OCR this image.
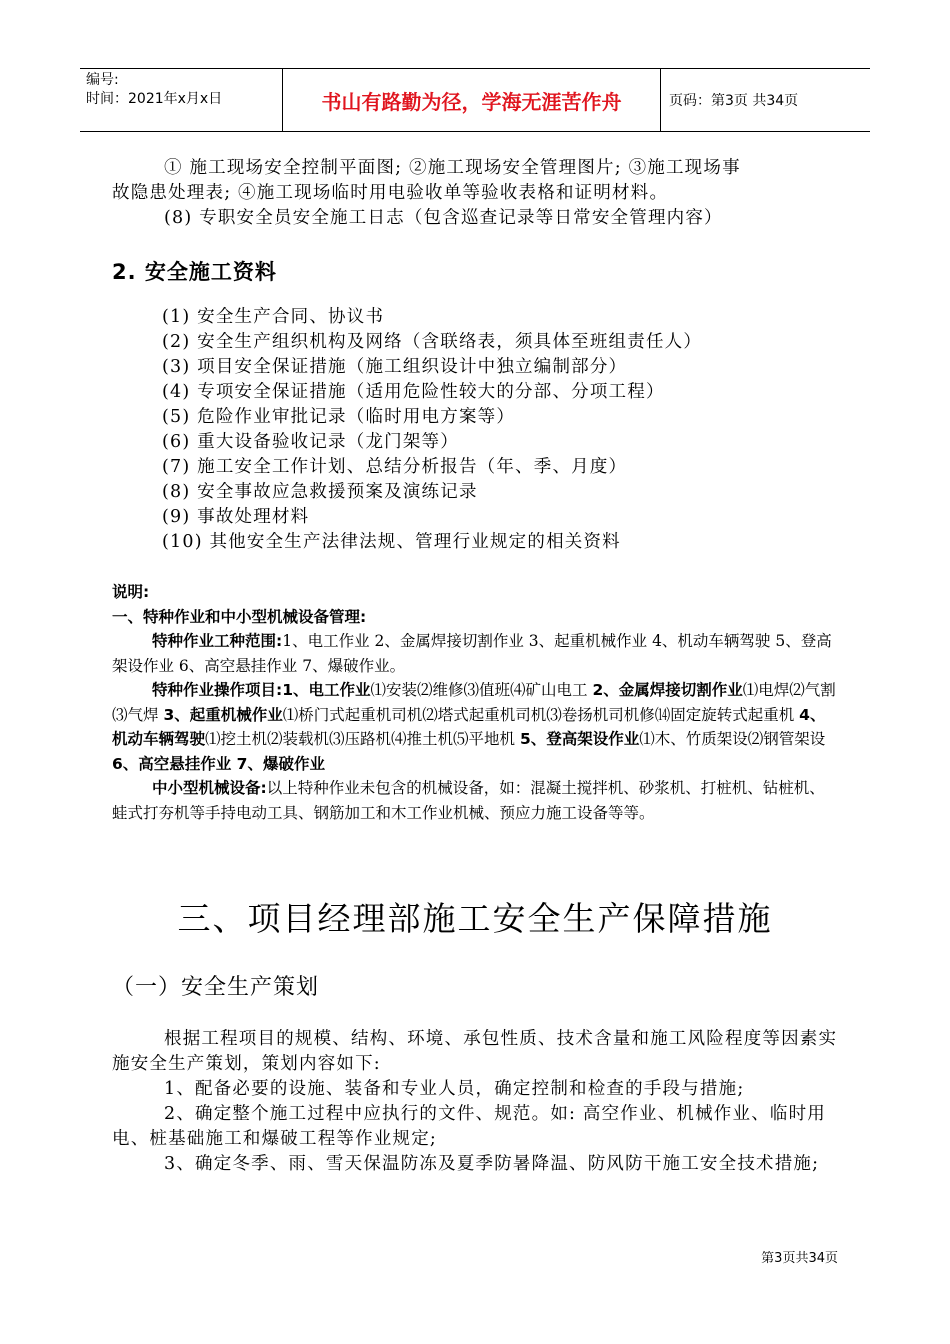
编号:
时间：2021年x月x日	书山有路勤为径，学海无涯苦作舟	页码：第3页 共34页

① 施工现场安全控制平面图; ②施工现场安全管理图片; ③施工现场事

故隐患处理表; ④施工现场临时用电验收单等验收表格和证明材料。

(8) 专职安全员安全施工日志（包含巡查记录等日常安全管理内容）

2. 安全施工资料

(1) 安全生产合同、协议书

(2) 安全生产组织机构及网络（含联络表，须具体至班组责任人）

(3) 项目安全保证措施（施工组织设计中独立编制部分）

(4) 专项安全保证措施（适用危险性较大的分部、分项工程）

(5) 危险作业审批记录（临时用电方案等）

(6) 重大设备验收记录（龙门架等）

(7) 施工安全工作计划、总结分析报告（年、季、月度）

(8) 安全事故应急救援预案及演练记录

(9) 事故处理材料

(10) 其他安全生产法律法规、管理行业规定的相关资料

说明:

一、特种作业和中小型机械设备管理:

特种作业工种范围:1、电工作业 2、金属焊接切割作业 3、起重机械作业 4、机动车辆驾驶 5、登高架设作业 6、高空悬挂作业 7、爆破作业。

特种作业操作项目:1、电工作业⑴安装⑵维修⑶值班⑷矿山电工 2、金属焊接切割作业⑴电焊⑵气割⑶气焊 3、起重机械作业⑴桥门式起重机司机⑵塔式起重机司机⑶卷扬机司机修⒁固定旋转式起重机 4、机动车辆驾驶⑴挖土机⑵装载机⑶压路机⑷推土机⑸平地机 5、登高架设作业⑴木、竹质架设⑵钢管架设6、高空悬挂作业 7、爆破作业

中小型机械设备:以上特种作业未包含的机械设备，如：混凝土搅拌机、砂浆机、打桩机、钻桩机、蛙式打夯机等手持电动工具、钢筋加工和木工作业机械、预应力施工设备等等。

三、项目经理部施工安全生产保障措施
（一）安全生产策划

根据工程项目的规模、结构、环境、承包性质、技术含量和施工风险程度等因素实施安全生产策划，策划内容如下:

1、配备必要的设施、装备和专业人员，确定控制和检查的手段与措施;

2、确定整个施工过程中应执行的文件、规范。如: 高空作业、机械作业、临时用电、桩基础施工和爆破工程等作业规定;

3、确定冬季、雨、雪天保温防冻及夏季防暑降温、防风防干施工安全技术措施;

第3页共34页
